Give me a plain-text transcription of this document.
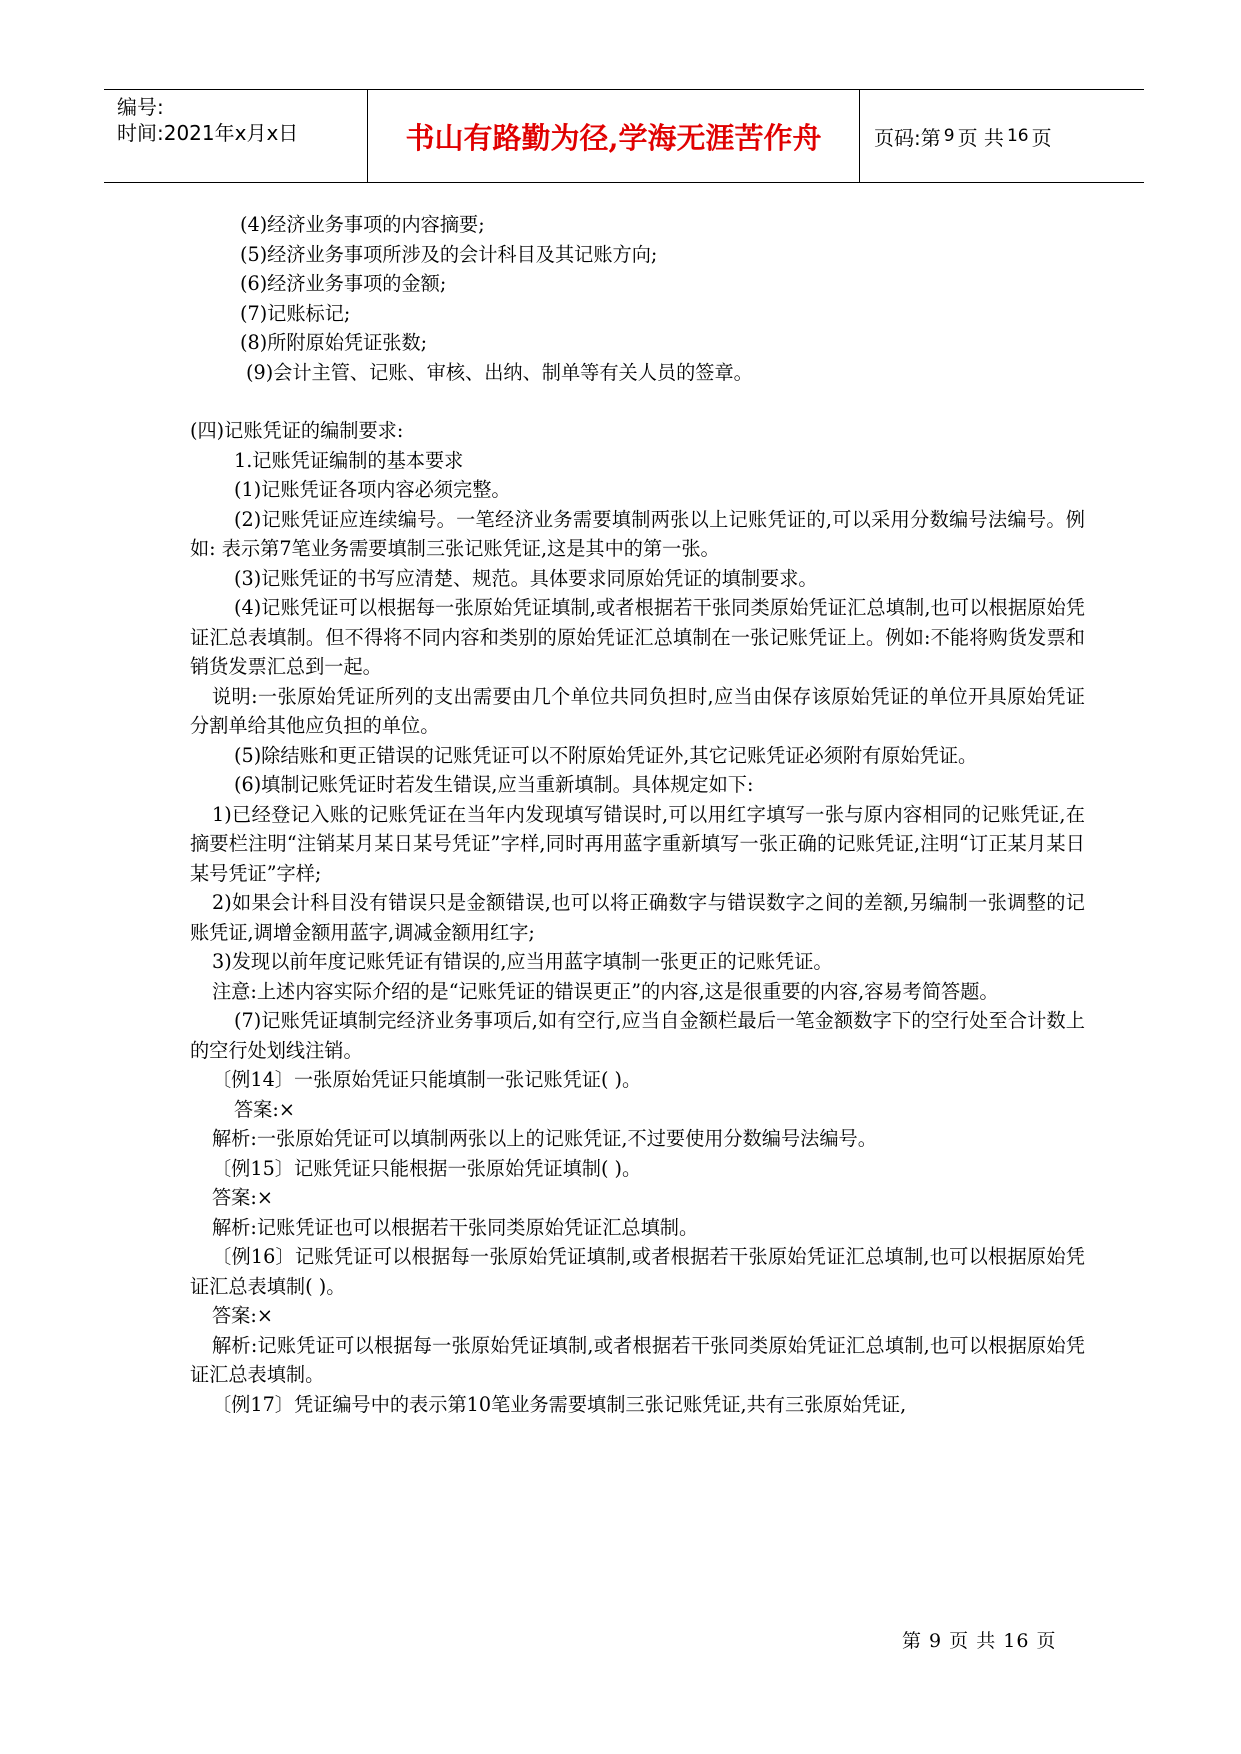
编号:
时间:2021年x月x日	书山有路勤为径,学海无涯苦作舟	页码:第 9 页 共 16 页

(4)经济业务事项的内容摘要;

(5)经济业务事项所涉及的会计科目及其记账方向;

(6)经济业务事项的金额;

(7)记账标记;

(8)所附原始凭证张数;

(9)会计主管、记账、审核、出纳、制单等有关人员的签章。

(四)记账凭证的编制要求:

1.记账凭证编制的基本要求

(1)记账凭证各项内容必须完整。

(2)记账凭证应连续编号。一笔经济业务需要填制两张以上记账凭证的,可以采用分数编号法编号。例如: 表示第7笔业务需要填制三张记账凭证,这是其中的第一张。

(3)记账凭证的书写应清楚、规范。具体要求同原始凭证的填制要求。

(4)记账凭证可以根据每一张原始凭证填制,或者根据若干张同类原始凭证汇总填制,也可以根据原始凭证汇总表填制。但不得将不同内容和类别的原始凭证汇总填制在一张记账凭证上。例如:不能将购货发票和销货发票汇总到一起。

说明:一张原始凭证所列的支出需要由几个单位共同负担时,应当由保存该原始凭证的单位开具原始凭证分割单给其他应负担的单位。

(5)除结账和更正错误的记账凭证可以不附原始凭证外,其它记账凭证必须附有原始凭证。

(6)填制记账凭证时若发生错误,应当重新填制。具体规定如下:

1)已经登记入账的记账凭证在当年内发现填写错误时,可以用红字填写一张与原内容相同的记账凭证,在摘要栏注明“注销某月某日某号凭证”字样,同时再用蓝字重新填写一张正确的记账凭证,注明“订正某月某日某号凭证”字样;

2)如果会计科目没有错误只是金额错误,也可以将正确数字与错误数字之间的差额,另编制一张调整的记账凭证,调增金额用蓝字,调减金额用红字;

3)发现以前年度记账凭证有错误的,应当用蓝字填制一张更正的记账凭证。

注意:上述内容实际介绍的是“记账凭证的错误更正”的内容,这是很重要的内容,容易考简答题。

(7)记账凭证填制完经济业务事项后,如有空行,应当自金额栏最后一笔金额数字下的空行处至合计数上的空行处划线注销。

〔例14〕一张原始凭证只能填制一张记账凭证( )。

答案:×

解析:一张原始凭证可以填制两张以上的记账凭证,不过要使用分数编号法编号。

〔例15〕记账凭证只能根据一张原始凭证填制( )。

答案:×

解析:记账凭证也可以根据若干张同类原始凭证汇总填制。

〔例16〕记账凭证可以根据每一张原始凭证填制,或者根据若干张原始凭证汇总填制,也可以根据原始凭证汇总表填制( )。

答案:×

解析:记账凭证可以根据每一张原始凭证填制,或者根据若干张同类原始凭证汇总填制,也可以根据原始凭证汇总表填制。

〔例17〕凭证编号中的表示第10笔业务需要填制三张记账凭证,共有三张原始凭证,

第 9 页 共 16 页
